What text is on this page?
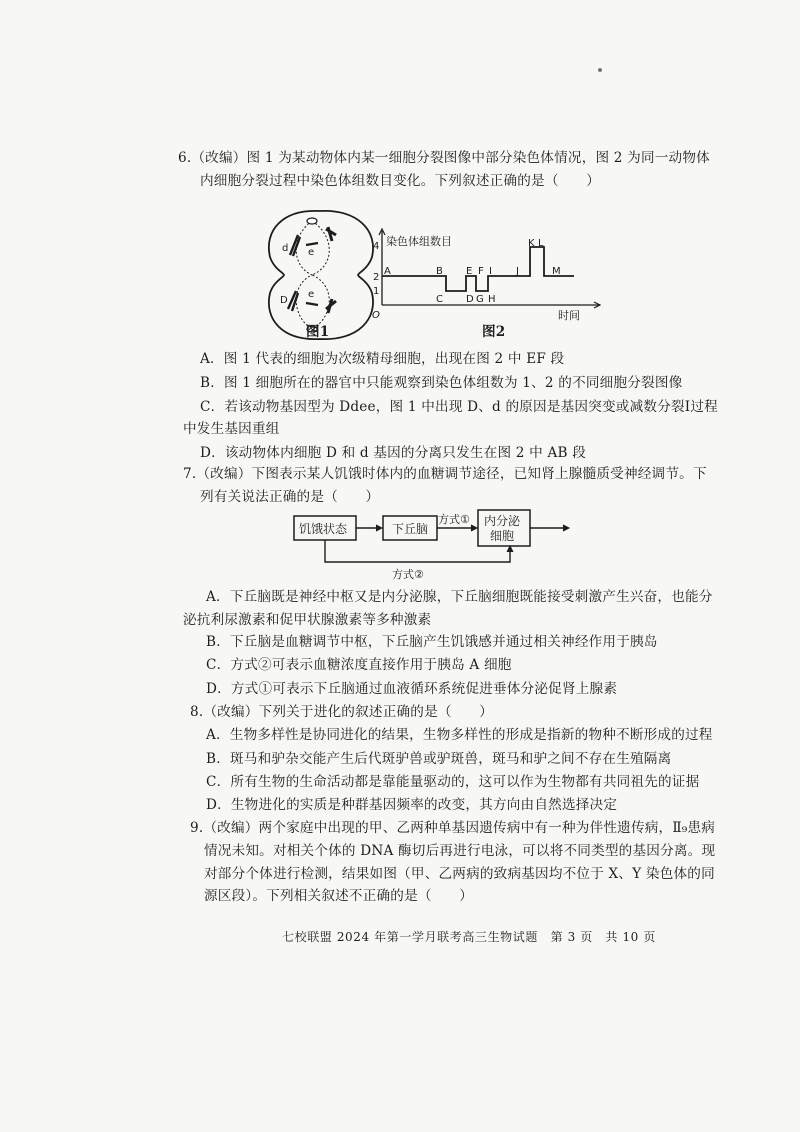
6.（改编）图 1 为某动物体内某一细胞分裂图像中部分染色体情况，图 2 为同一动物体
内细胞分裂过程中染色体组数目变化。下列叙述正确的是（　　）
d e
D
e
图1
染色体组数目
O
4
2
1
A	B
C D
E F
G H
I J
K L
M
时间
图2
A．图 1 代表的细胞为次级精母细胞，出现在图 2 中 EF 段
B．图 1 细胞所在的器官中只能观察到染色体组数为 1、2 的不同细胞分裂图像
C．若该动物基因型为 Ddee，图 1 中出现 D、d 的原因是基因突变或减数分裂Ⅰ过程
中发生基因重组
D．该动物体内细胞 D 和 d 基因的分离只发生在图 2 中 AB 段
7.（改编）下图表示某人饥饿时体内的血糖调节途径，已知肾上腺髓质受神经调节。下
列有关说法正确的是（　　）
饥饿状态	下丘脑
方式① 内分泌
细胞
方式②
A．下丘脑既是神经中枢又是内分泌腺，下丘脑细胞既能接受刺激产生兴奋，也能分
泌抗利尿激素和促甲状腺激素等多种激素
B．下丘脑是血糖调节中枢，下丘脑产生饥饿感并通过相关神经作用于胰岛
C．方式②可表示血糖浓度直接作用于胰岛 A 细胞
D．方式①可表示下丘脑通过血液循环系统促进垂体分泌促肾上腺素
8.（改编）下列关于进化的叙述正确的是（　　）
A．生物多样性是协同进化的结果，生物多样性的形成是指新的物种不断形成的过程
B．斑马和驴杂交能产生后代斑驴兽或驴斑兽，斑马和驴之间不存在生殖隔离
C．所有生物的生命活动都是靠能量驱动的，这可以作为生物都有共同祖先的证据
D．生物进化的实质是种群基因频率的改变，其方向由自然选择决定
9.（改编）两个家庭中出现的甲、乙两种单基因遗传病中有一种为伴性遗传病，Ⅱ₉患病
情况未知。对相关个体的 DNA 酶切后再进行电泳，可以将不同类型的基因分离。现
对部分个体进行检测，结果如图（甲、乙两病的致病基因均不位于 X、Y 染色体的同
源区段）。下列相关叙述不正确的是（　　）
七校联盟 2024 年第一学月联考高三生物试题　第 3 页　共 10 页
